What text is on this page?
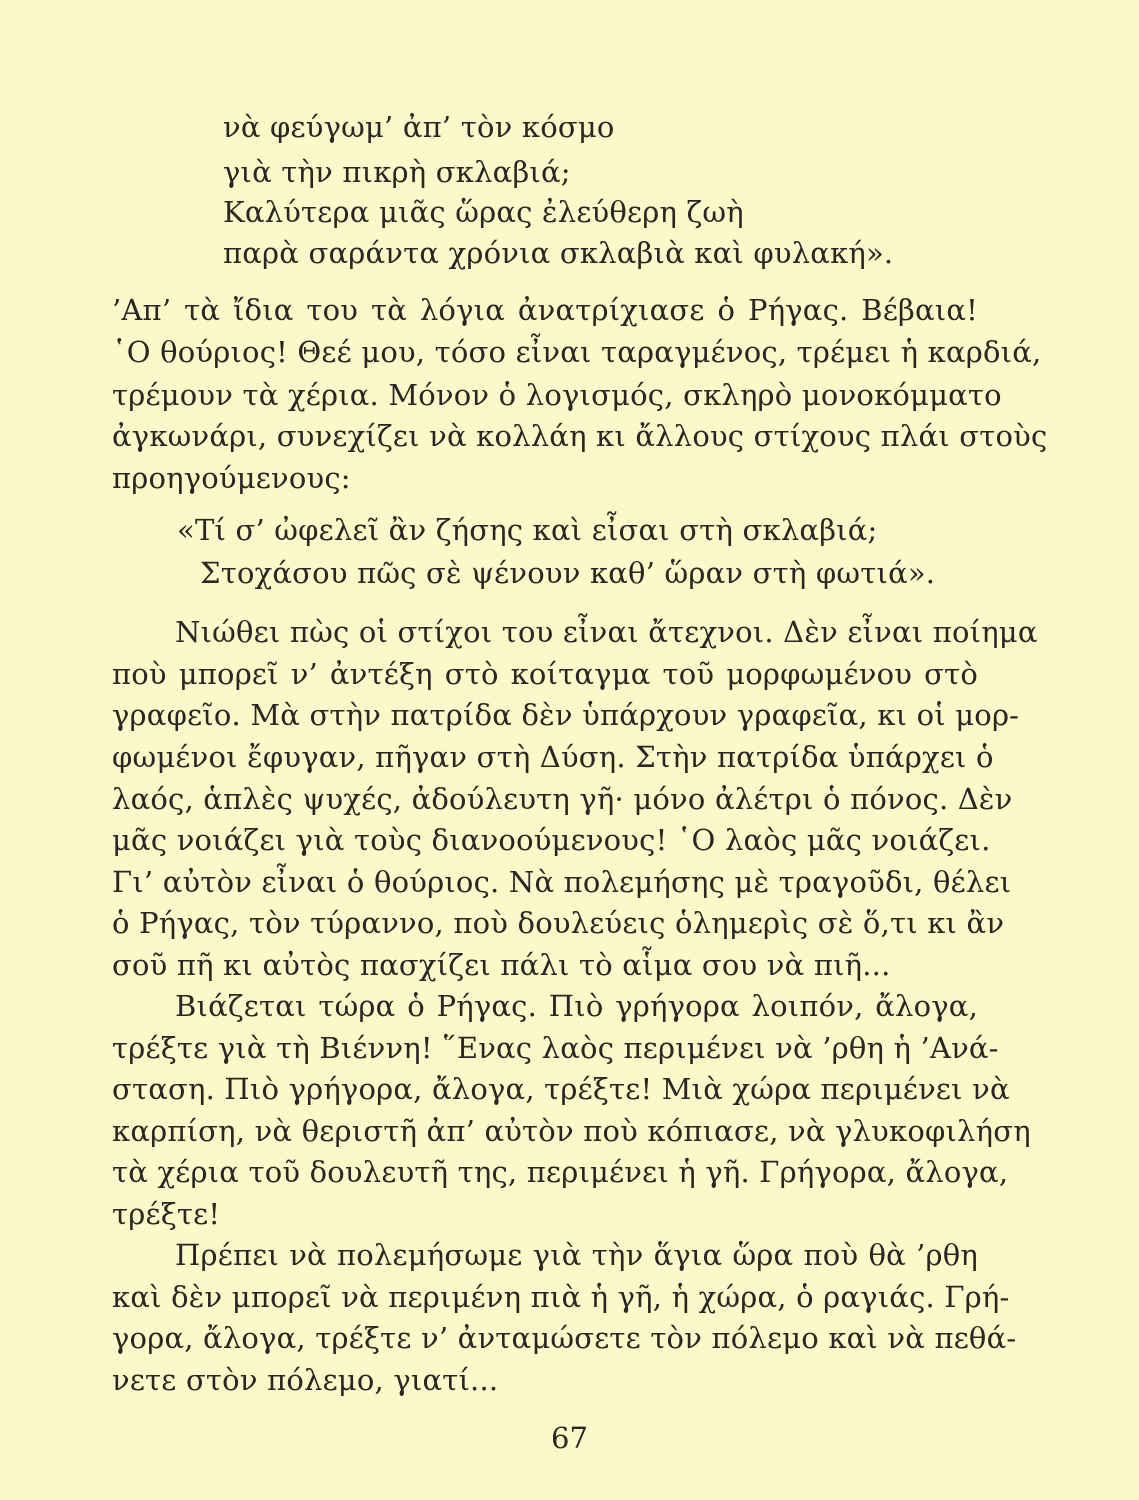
νὰ φεύγωμ’ ἀπ’ τὸν κόσμο
γιὰ τὴν πικρὴ σκλαβιά;
Καλύτερα μιᾶς ὥρας ἐλεύθερη ζωὴ
παρὰ σαράντα χρόνια σκλαβιὰ καὶ φυλακή».
’Απ’ τὰ ἴδια του τὰ λόγια ἀνατρίχιασε ὁ Ρήγας. Βέβαια!
῾Ο θούριος! Θεέ μου, τόσο εἶναι ταραγμένος, τρέμει ἡ καρδιά,
τρέμουν τὰ χέρια. Μόνον ὁ λογισμός, σκληρὸ μονοκόμματο
ἀγκωνάρι, συνεχίζει νὰ κολλάη κι ἄλλους στίχους πλάι στοὺς
προηγούμενους:
«Τί σ’ ὠφελεῖ ἂν ζήσης καὶ εἶσαι στὴ σκλαβιά;
Στοχάσου πῶς σὲ ψένουν καθ’ ὥραν στὴ φωτιά».
Νιώθει πὼς οἱ στίχοι του εἶναι ἄτεχνοι. Δὲν εἶναι ποίημα
ποὺ μπορεῖ ν’ ἀντέξη στὸ κοίταγμα τοῦ μορφωμένου στὸ
γραφεῖο. Μὰ στὴν πατρίδα δὲν ὑπάρχουν γραφεῖα, κι οἱ μορ-
φωμένοι ἔφυγαν, πῆγαν στὴ Δύση. Στὴν πατρίδα ὑπάρχει ὁ
λαός, ἁπλὲς ψυχές, ἀδούλευτη γῆ· μόνο ἀλέτρι ὁ πόνος. Δὲν
μᾶς νοιάζει γιὰ τοὺς διανοούμενους! ῾Ο λαὸς μᾶς νοιάζει.
Γι’ αὐτὸν εἶναι ὁ θούριος. Νὰ πολεμήσης μὲ τραγοῦδι, θέλει
ὁ Ρήγας, τὸν τύραννο, ποὺ δουλεύεις ὁλημερὶς σὲ ὅ,τι κι ἂν
σοῦ πῆ κι αὐτὸς πασχίζει πάλι τὸ αἷμα σου νὰ πιῆ...
Βιάζεται τώρα ὁ Ρήγας. Πιὸ γρήγορα λοιπόν, ἄλογα,
τρέξτε γιὰ τὴ Βιέννη! ῞Ενας λαὸς περιμένει νὰ ’ρθη ἡ ’Ανά-
σταση. Πιὸ γρήγορα, ἄλογα, τρέξτε! Μιὰ χώρα περιμένει νὰ
καρπίση, νὰ θεριστῆ ἀπ’ αὐτὸν ποὺ κόπιασε, νὰ γλυκοφιλήση
τὰ χέρια τοῦ δουλευτῆ της, περιμένει ἡ γῆ. Γρήγορα, ἄλογα,
τρέξτε!
Πρέπει νὰ πολεμήσωμε γιὰ τὴν ἅγια ὥρα ποὺ θὰ ’ρθη
καὶ δὲν μπορεῖ νὰ περιμένη πιὰ ἡ γῆ, ἡ χώρα, ὁ ραγιάς. Γρή-
γορα, ἄλογα, τρέξτε ν’ ἀνταμώσετε τὸν πόλεμο καὶ νὰ πεθά-
νετε στὸν πόλεμο, γιατί...
67
